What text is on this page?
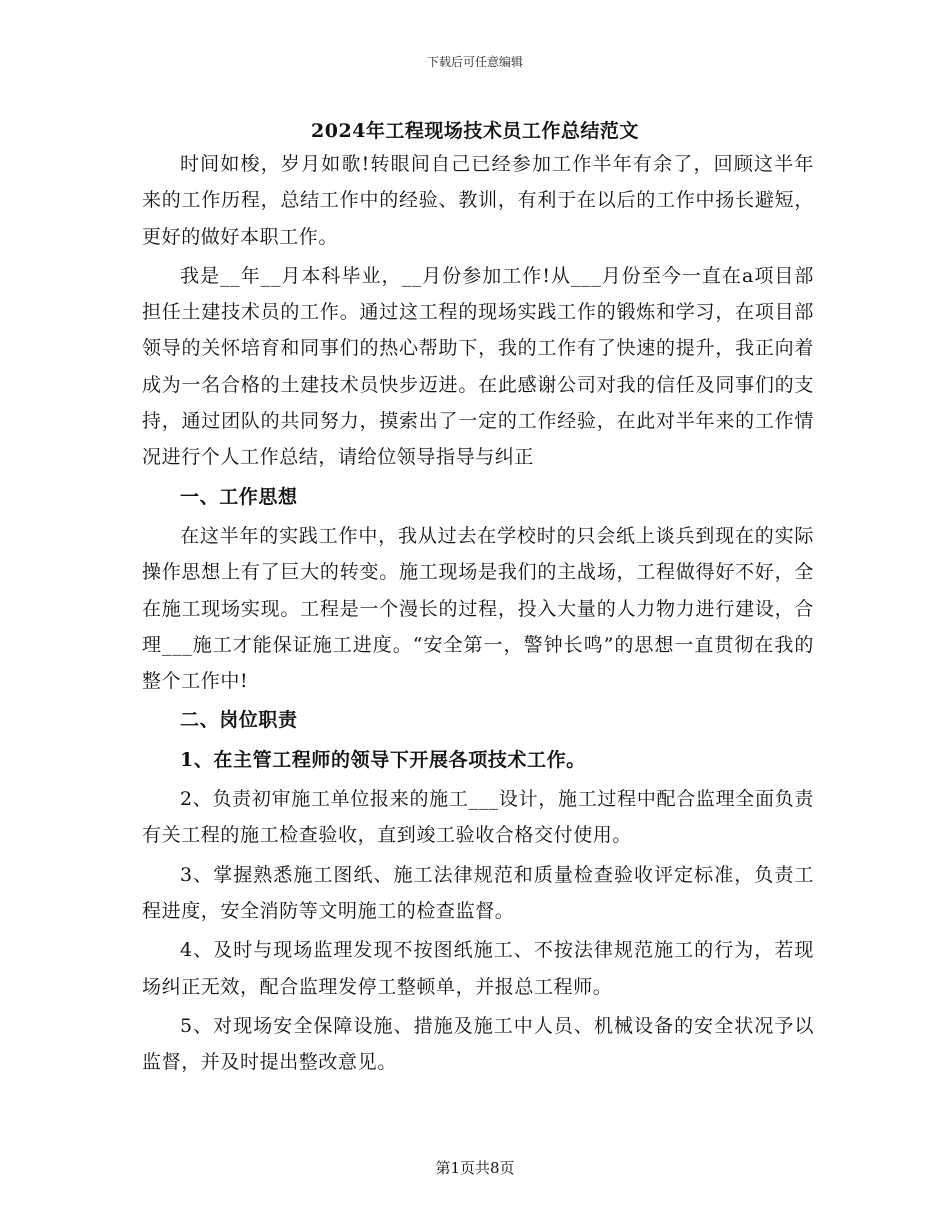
下载后可任意编辑
2024年工程现场技术员工作总结范文
时间如梭，岁月如歌!转眼间自己已经参加工作半年有余了，回顾这半年来的工作历程，总结工作中的经验、教训，有利于在以后的工作中扬长避短，更好的做好本职工作。
我是__年__月本科毕业，__月份参加工作!从___月份至今一直在a项目部担任土建技术员的工作。通过这工程的现场实践工作的锻炼和学习，在项目部领导的关怀培育和同事们的热心帮助下，我的工作有了快速的提升，我正向着成为一名合格的土建技术员快步迈进。在此感谢公司对我的信任及同事们的支持，通过团队的共同努力，摸索出了一定的工作经验，在此对半年来的工作情况进行个人工作总结，请给位领导指导与纠正
一、工作思想
在这半年的实践工作中，我从过去在学校时的只会纸上谈兵到现在的实际操作思想上有了巨大的转变。施工现场是我们的主战场，工程做得好不好，全在施工现场实现。工程是一个漫长的过程，投入大量的人力物力进行建设，合理___施工才能保证施工进度。“安全第一，警钟长鸣”的思想一直贯彻在我的整个工作中!
二、岗位职责
1、在主管工程师的领导下开展各项技术工作。
2、负责初审施工单位报来的施工___设计，施工过程中配合监理全面负责有关工程的施工检查验收，直到竣工验收合格交付使用。
3、掌握熟悉施工图纸、施工法律规范和质量检查验收评定标准，负责工程进度，安全消防等文明施工的检查监督。
4、及时与现场监理发现不按图纸施工、不按法律规范施工的行为，若现场纠正无效，配合监理发停工整顿单，并报总工程师。
5、对现场安全保障设施、措施及施工中人员、机械设备的安全状况予以监督，并及时提出整改意见。
第1页共8页
